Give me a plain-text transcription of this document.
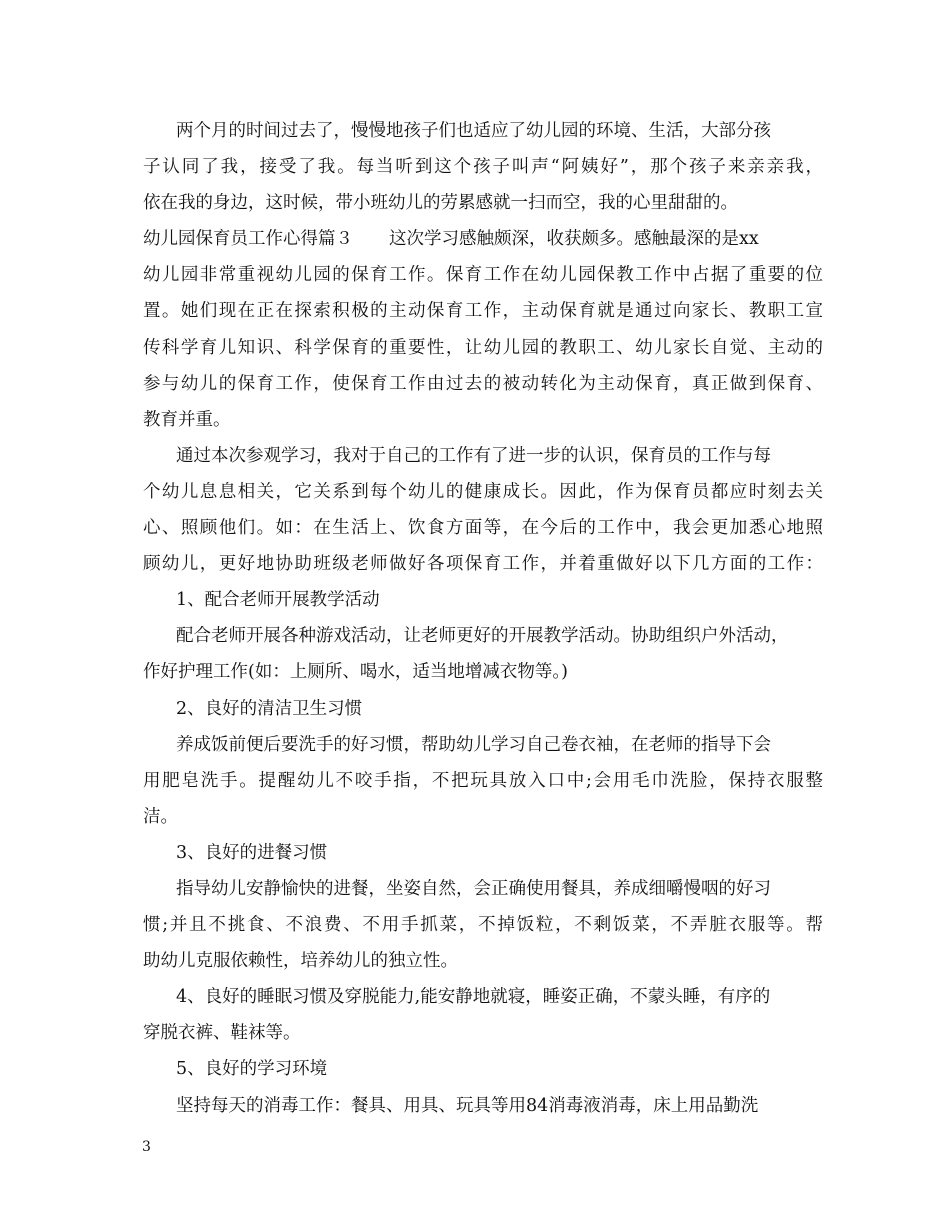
两个月的时间过去了，慢慢地孩子们也适应了幼儿园的环境、生活，大部分孩
子认同了我，接受了我。每当听到这个孩子叫声“阿姨好”，那个孩子来亲亲我，
依在我的身边，这时候，带小班幼儿的劳累感就一扫而空，我的心里甜甜的。
幼儿园保育员工作心得篇３ 这次学习感触颇深，收获颇多。感触最深的是xx
幼儿园非常重视幼儿园的保育工作。保育工作在幼儿园保教工作中占据了重要的位
置。她们现在正在探索积极的主动保育工作，主动保育就是通过向家长、教职工宣
传科学育儿知识、科学保育的重要性，让幼儿园的教职工、幼儿家长自觉、主动的
参与幼儿的保育工作，使保育工作由过去的被动转化为主动保育，真正做到保育、
教育并重。
通过本次参观学习，我对于自己的工作有了进一步的认识，保育员的工作与每
个幼儿息息相关，它关系到每个幼儿的健康成长。因此，作为保育员都应时刻去关
心、照顾他们。如：在生活上、饮食方面等，在今后的工作中，我会更加悉心地照
顾幼儿，更好地协助班级老师做好各项保育工作，并着重做好以下几方面的工作：
1、配合老师开展教学活动
配合老师开展各种游戏活动，让老师更好的开展教学活动。协助组织户外活动，
作好护理工作(如：上厕所、喝水，适当地增减衣物等。)
2、良好的清洁卫生习惯
养成饭前便后要洗手的好习惯，帮助幼儿学习自己卷衣袖，在老师的指导下会
用肥皂洗手。提醒幼儿不咬手指，不把玩具放入口中;会用毛巾洗脸，保持衣服整
洁。
3、良好的进餐习惯
指导幼儿安静愉快的进餐，坐姿自然，会正确使用餐具，养成细嚼慢咽的好习
惯;并且不挑食、不浪费、不用手抓菜，不掉饭粒，不剩饭菜，不弄脏衣服等。帮
助幼儿克服依赖性，培养幼儿的独立性。
4、良好的睡眠习惯及穿脱能力,能安静地就寝，睡姿正确，不蒙头睡，有序的
穿脱衣裤、鞋袜等。
5、良好的学习环境
坚持每天的消毒工作：餐具、用具、玩具等用84消毒液消毒，床上用品勤洗
3
